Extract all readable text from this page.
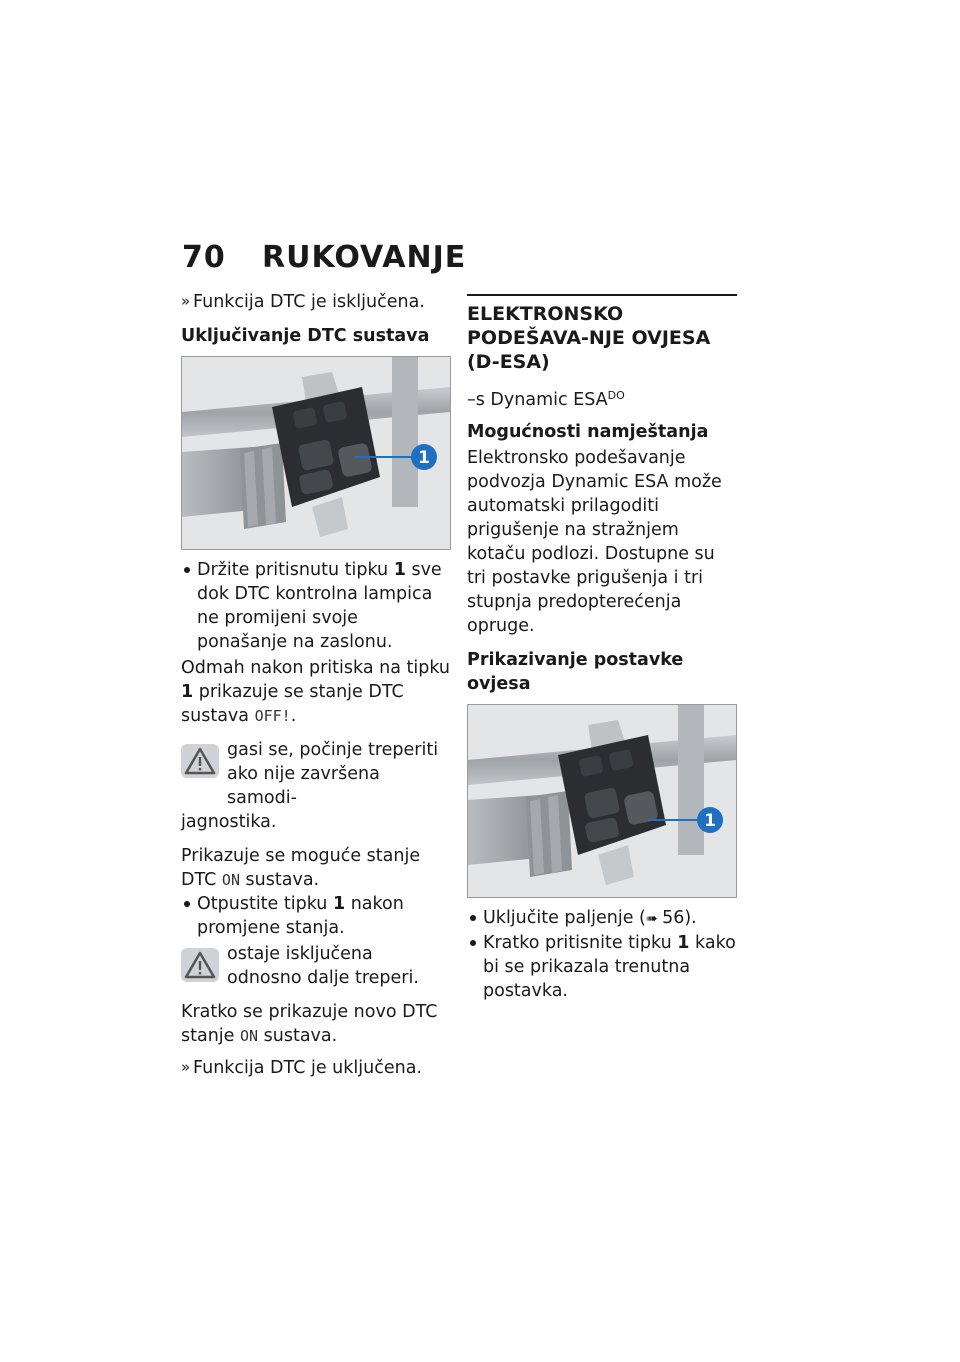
70 RUKOVANJE

» Funkcija DTC je isključena.

Uključivanje DTC sustava
1
Držite pritisnutu tipku 1 sve dok DTC kontrolna lampica ne promijeni svoje ponašanje na zaslonu.

Odmah nakon pritiska na tipku 1 prikazuje se stanje DTC sustava OFF!.

gasi se, počinje treperiti ako nije završena samodi-
jagnostika.

Prikazuje se moguće stanje DTC ON sustava.

Otpustite tipku 1 nakon promjene stanja.
ostaje isključena odnosno dalje treperi.

Kratko se prikazuje novo DTC stanje ON sustava.

» Funkcija DTC je uključena.

ELEKTRONSKO PODEŠAVA-NJE OVJESA (D-ESA)

–s Dynamic $ESA^{DO}$

Mogućnosti namještanja

Elektronsko podešavanje podvozja Dynamic ESA može automatski prilagoditi prigušenje na stražnjem kotaču podlozi. Dostupne su tri postavke prigušenja i tri stupnja predopterećenja opruge.

Prikazivanje postavke ovjesa
1
Uključite paljenje (➠ 56).
Kratko pritisnite tipku 1 kako bi se prikazala trenutna postavka.
